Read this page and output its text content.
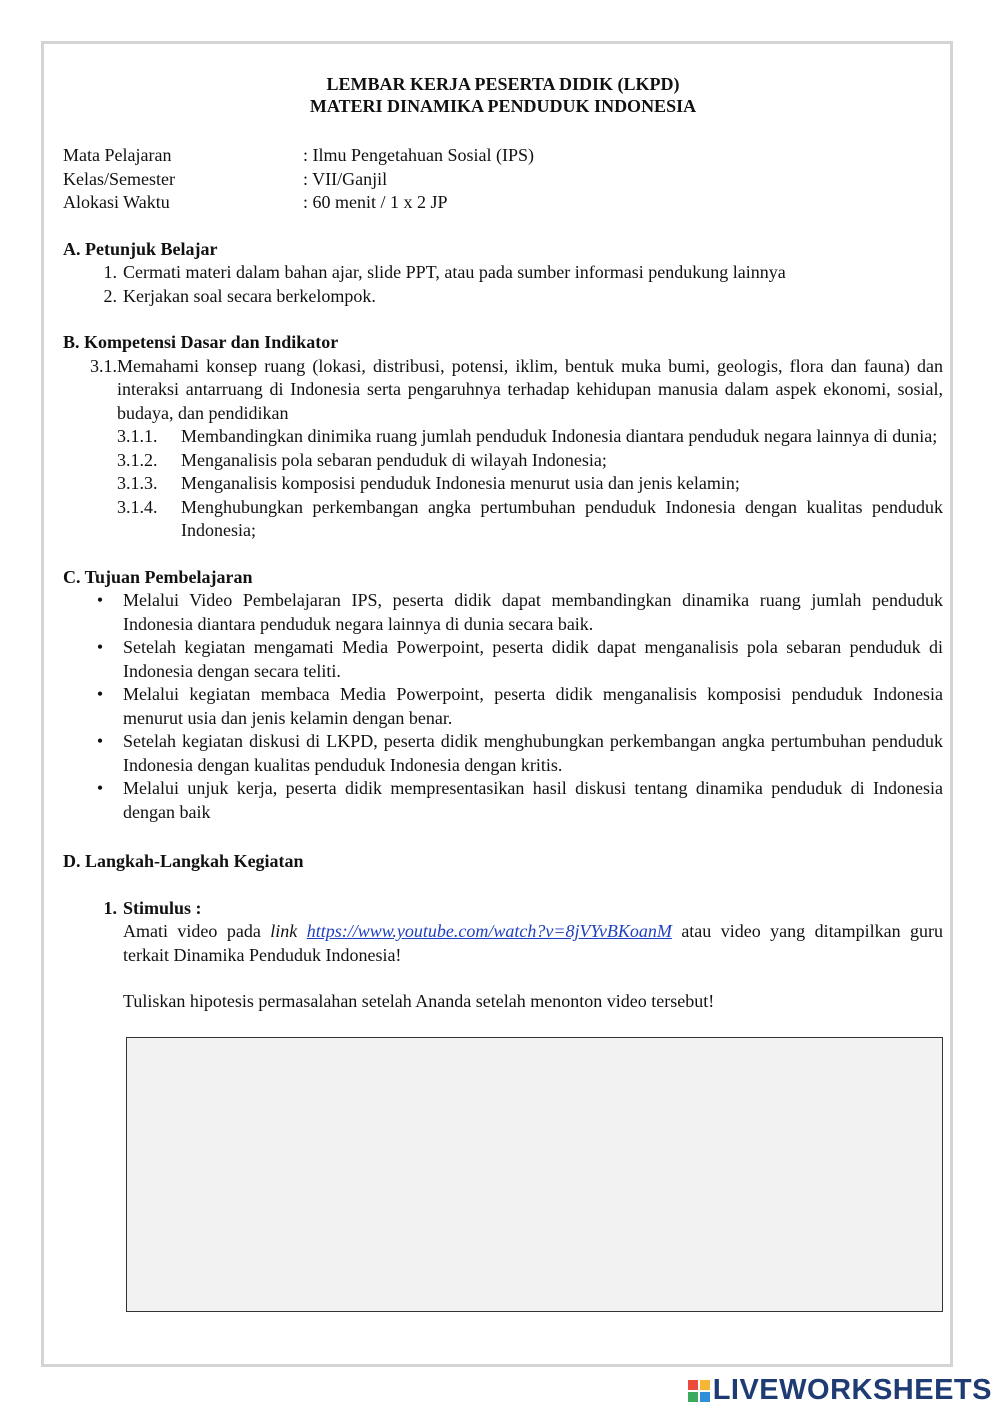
LEMBAR KERJA PESERTA DIDIK (LKPD)
MATERI DINAMIKA PENDUDUK INDONESIA
Mata Pelajaran	: Ilmu Pengetahuan Sosial (IPS)
Kelas/Semester	: VII/Ganjil
Alokasi Waktu	: 60 menit / 1 x 2 JP
A. Petunjuk Belajar
1. Cermati materi dalam bahan ajar, slide PPT, atau pada sumber informasi pendukung lainnya
2. Kerjakan soal secara berkelompok.
B. Kompetensi Dasar dan Indikator
3.1. Memahami konsep ruang (lokasi, distribusi, potensi, iklim, bentuk muka bumi, geologis, flora dan fauna) dan interaksi antarruang di Indonesia serta pengaruhnya terhadap kehidupan manusia dalam aspek ekonomi, sosial, budaya, dan pendidikan
3.1.1.	Membandingkan dinimika ruang jumlah penduduk Indonesia diantara penduduk negara lainnya di dunia;
3.1.2.	Menganalisis pola sebaran penduduk di wilayah Indonesia;
3.1.3.	Menganalisis komposisi penduduk Indonesia menurut usia dan jenis kelamin;
3.1.4.	Menghubungkan perkembangan angka pertumbuhan penduduk Indonesia dengan kualitas penduduk Indonesia;
C. Tujuan Pembelajaran
•	Melalui Video Pembelajaran IPS, peserta didik dapat membandingkan dinamika ruang jumlah penduduk Indonesia diantara penduduk negara lainnya di dunia secara baik.
•	Setelah kegiatan mengamati Media Powerpoint, peserta didik dapat menganalisis pola sebaran penduduk di Indonesia dengan secara teliti.
•	Melalui kegiatan membaca Media Powerpoint, peserta didik menganalisis komposisi penduduk Indonesia menurut usia dan jenis kelamin dengan benar.
•	Setelah kegiatan diskusi di LKPD, peserta didik menghubungkan perkembangan angka pertumbuhan penduduk Indonesia dengan kualitas penduduk Indonesia dengan kritis.
•	Melalui unjuk kerja, peserta didik mempresentasikan hasil diskusi tentang dinamika penduduk di Indonesia dengan baik
D. Langkah-Langkah Kegiatan
1. Stimulus :
Amati video pada link https://www.youtube.com/watch?v=8jVYvBKoanM atau video yang ditampilkan guru terkait Dinamika Penduduk Indonesia!
Tuliskan hipotesis permasalahan setelah Ananda setelah menonton video tersebut!
LIVEWORKSHEETS
